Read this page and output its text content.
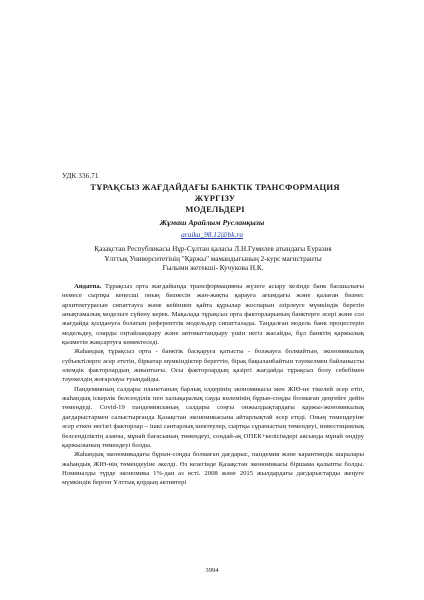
УДК 336.71
ТҰРАҚСЫЗ ЖАҒДАЙДАҒЫ БАНКТІК ТРАНСФОРМАЦИЯ ЖҮРГІЗУ
МОДЕЛЬДЕРІ
Жұмаш Арайлым Русланқызы
araika_98.12@bk.ru
Қазақстан Республикасы Нұр-Сұлтан қаласы Л.Н.Гумилев атындағы Еуразия
Ұлттық Университетінің "Қаржы" мамандығының 2-курс магистранты
Ғылыми жетекші- Кучукова Н.К.

Андатпа. Тұрақсыз орта жағдайында трансформацияны жүзеге асыру кезінде банк басшылығы немесе сыртқы кеңесші оның бизнесін жан-жақты қарауға ағымдағы және қалаған бизнес архитектурасын сипаттауға және кейіннен қайта құрылар жоспарын әзірлеуге мүмкіндік беретін анықтамалық модельге сүйену керек. Мақалада тұрақсыз орта факторларының банктерге әсері және сол жағдайда қолдануға болатын референттік модельдер сипатталады. Таңдалған модель банк процестерін модельдеу, оларды оңтайландыру және автоматтандыру үшін негіз жасайды, бұл банктің қаржылық қызметін жақсартуға көмектеседі.

Жаһандық тұрақсыз орта - банктік басқаруға қатысты - болжауға болмайтын, экономикалық субъектілерге әсер ететін, біркатар мүмкіндіктер береттін, бірақ бақыланбайтын тәуекелмен байланысты әлемдік факторлардың жиынтығы. Осы факторлардың қазіргі жағдайда тұрақсыз болу себебімен тәуекелдің жоғарлауы туындайды.

Пандемияның салдары планетаның барлық елдерінің экономикасы мен ЖІӨ-не тікелей әсер етіп, жаһандық іскерлік белсенділік пен халықаралық сауда көлемінің бұрын-соңды болмаған деңгейге дейін төмендеді. Covid-19 пандемиясының салдары соңғы онжылдықтардағы қаржы-экономикалық дағдарыстармен салыстырғанда Қазақстан экономикасына айтарлықтай әсер етеді. Оның төмендеуіне әсер еткен негізгі факторлар – ішкі сантарлық шектеулер, сыртқы сұраныстың төмендеуі, инвестициялық белсенділіктің азаюы, мұнай бағасының төмендеуі, сондай-ақ ОПЕК+келісімдері аясында мұнай өндіру қаржылының төмендеуі болды.

Жаһандық экономикадағы бұрын-соңды болмаған дағдарыс, пандемия және карантиндік шаралары жаһандық ЖІӨ-нің төмендеуіне әкелді. Өз кезегінде Қазақстан экономикасы біршама қалыпты болды. Номиналды түрде экономика 1%-дан аз өсті. 2008 және 2015 жылдардағы дағдарыстарды жеңуге мүмкіндік берген Ұлттық қордың активтері

3994
